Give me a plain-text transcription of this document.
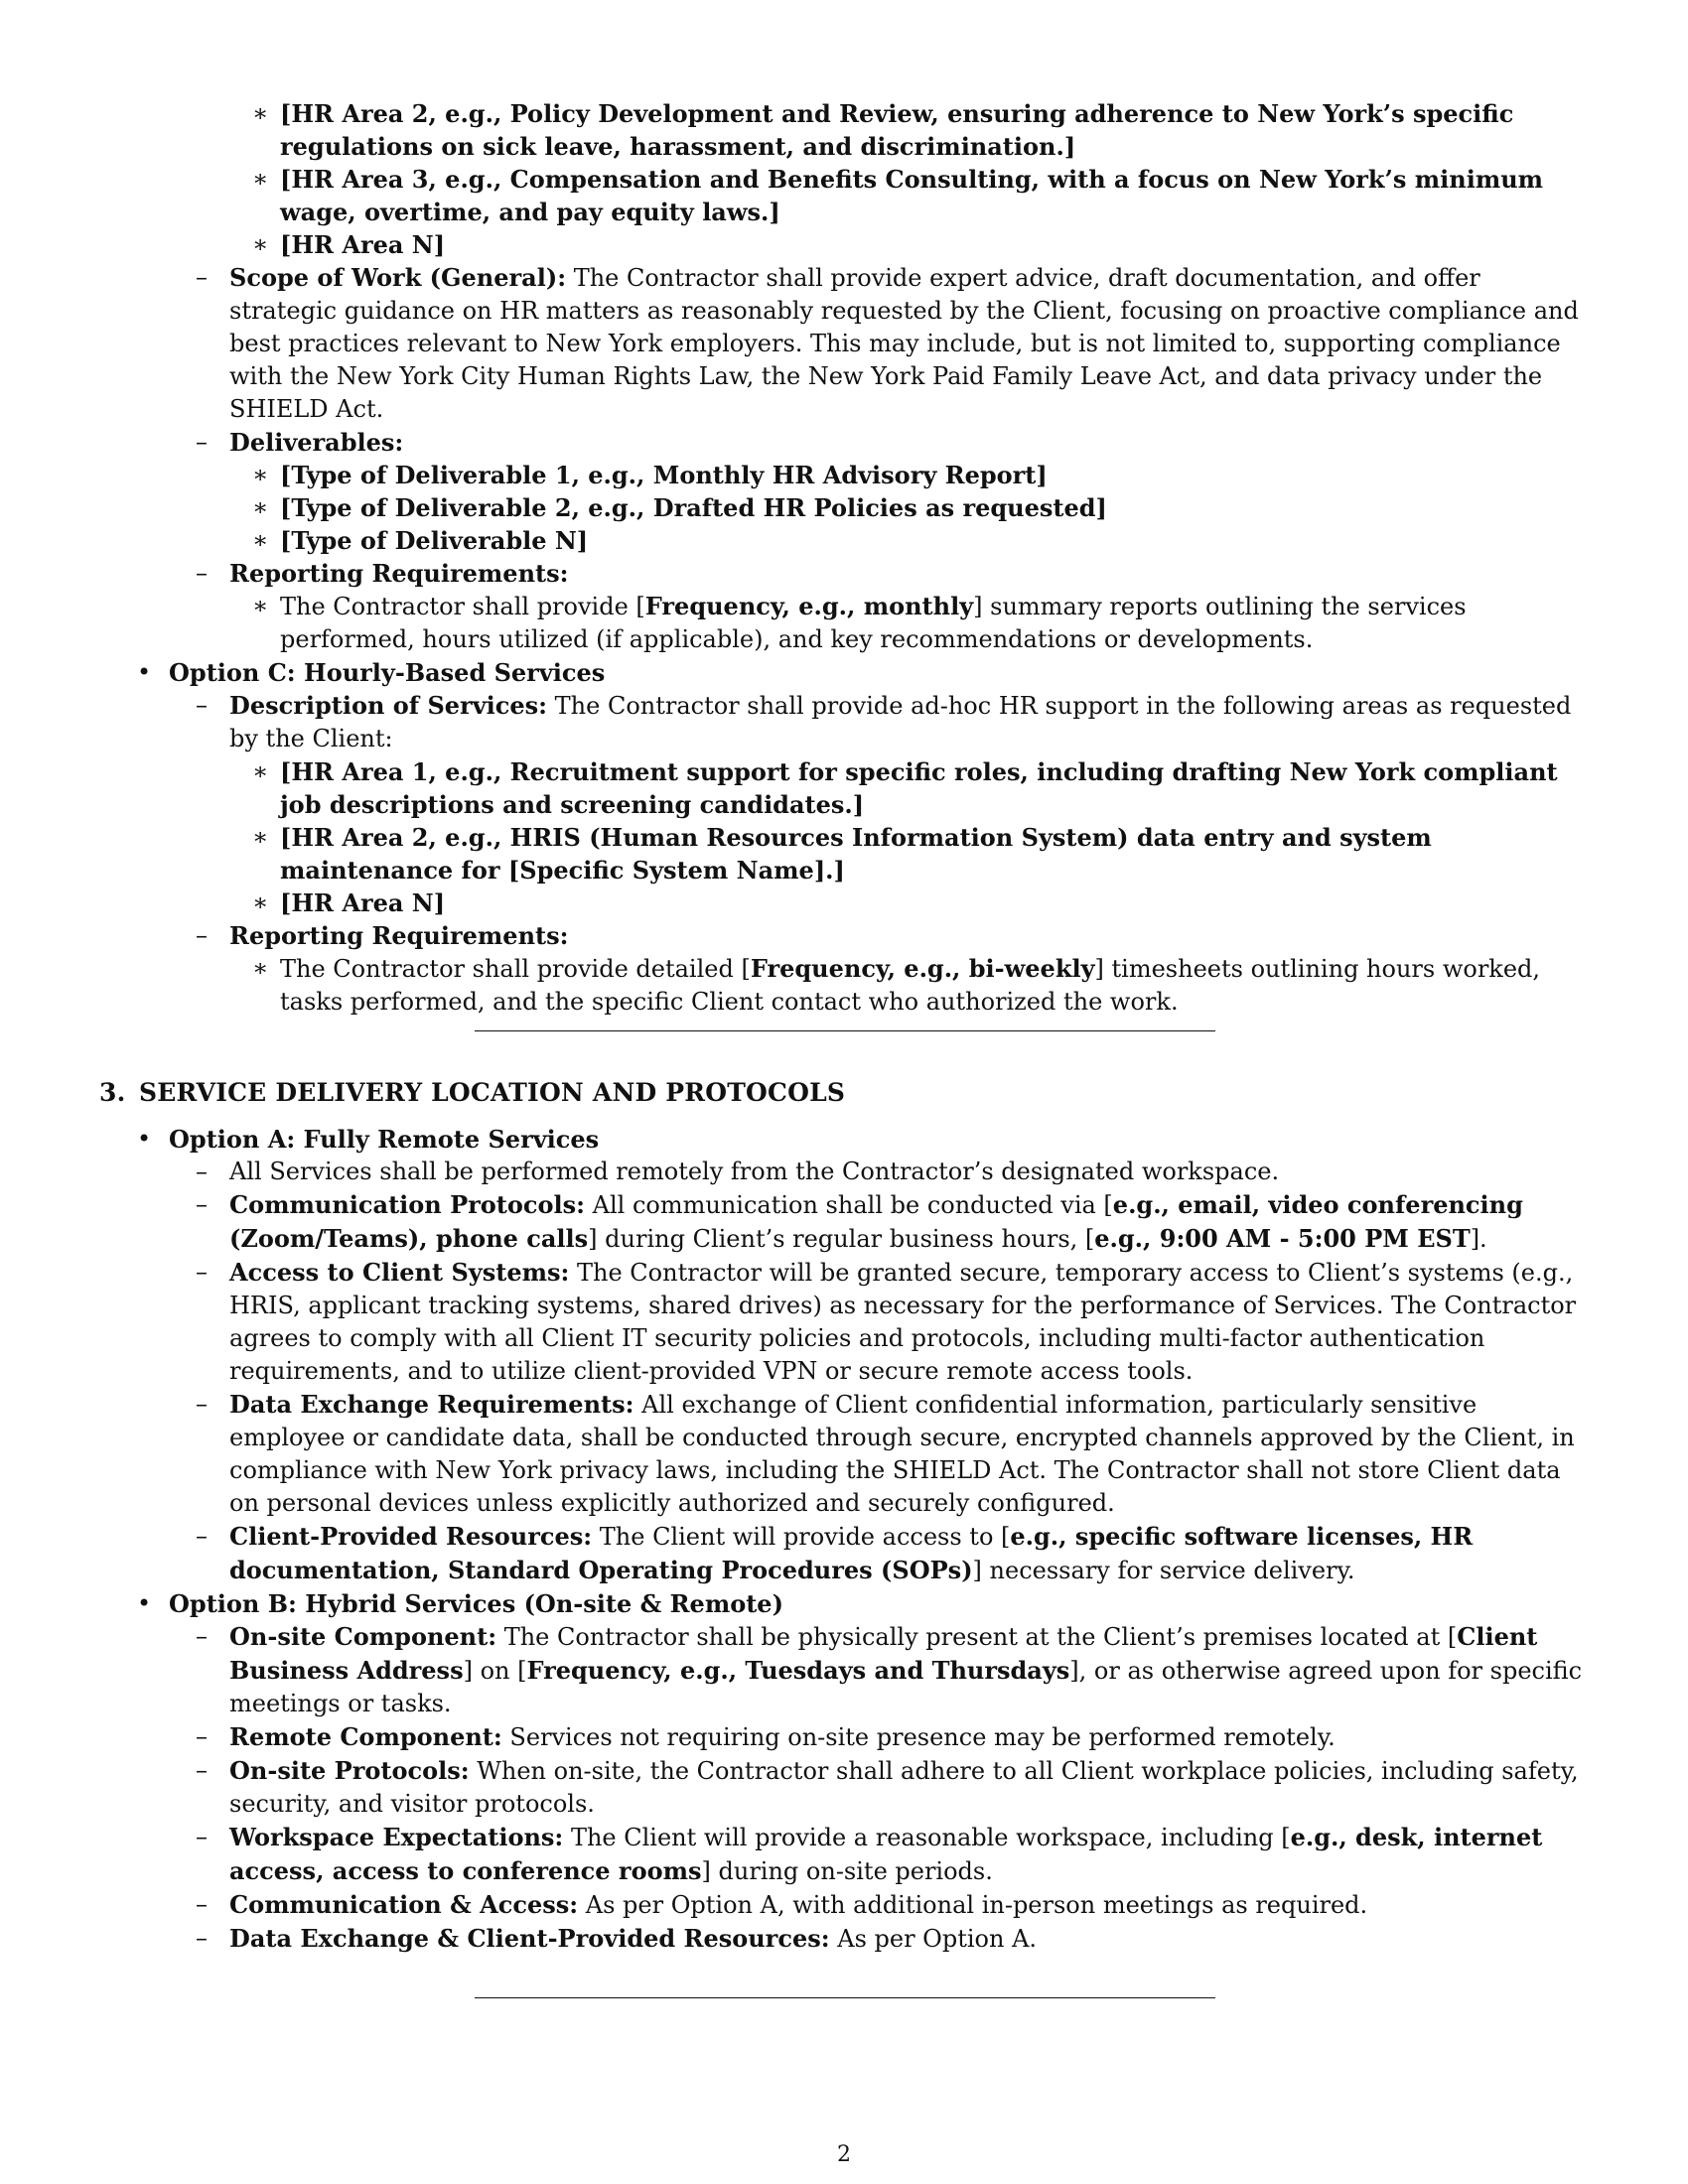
∗ [HR Area 2, e.g., Policy Development and Review, ensuring adherence to New York’s specific regulations on sick leave, harassment, and discrimination.]
∗ [HR Area 3, e.g., Compensation and Benefits Consulting, with a focus on New York’s minimum wage, overtime, and pay equity laws.]
∗ [HR Area N]
– Scope of Work (General): The Contractor shall provide expert advice, draft documentation, and offer strategic guidance on HR matters as reasonably requested by the Client, focusing on proactive compliance and best practices relevant to New York employers. This may include, but is not limited to, supporting compliance with the New York City Human Rights Law, the New York Paid Family Leave Act, and data privacy under the SHIELD Act.
– Deliverables:
∗ [Type of Deliverable 1, e.g., Monthly HR Advisory Report]
∗ [Type of Deliverable 2, e.g., Drafted HR Policies as requested]
∗ [Type of Deliverable N]
– Reporting Requirements:
∗ The Contractor shall provide [Frequency, e.g., monthly] summary reports outlining the services performed, hours utilized (if applicable), and key recommendations or developments.
• Option C: Hourly-Based Services
– Description of Services: The Contractor shall provide ad-hoc HR support in the following areas as requested by the Client:
∗ [HR Area 1, e.g., Recruitment support for specific roles, including drafting New York compliant job descriptions and screening candidates.]
∗ [HR Area 2, e.g., HRIS (Human Resources Information System) data entry and system maintenance for [Specific System Name].]
∗ [HR Area N]
– Reporting Requirements:
∗ The Contractor shall provide detailed [Frequency, e.g., bi-weekly] timesheets outlining hours worked, tasks performed, and the specific Client contact who authorized the work.
3. SERVICE DELIVERY LOCATION AND PROTOCOLS
• Option A: Fully Remote Services
– All Services shall be performed remotely from the Contractor’s designated workspace.
– Communication Protocols: All communication shall be conducted via [e.g., email, video conferencing (Zoom/Teams), phone calls] during Client’s regular business hours, [e.g., 9:00 AM - 5:00 PM EST].
– Access to Client Systems: The Contractor will be granted secure, temporary access to Client’s systems (e.g., HRIS, applicant tracking systems, shared drives) as necessary for the performance of Services. The Contractor agrees to comply with all Client IT security policies and protocols, including multi-factor authentication requirements, and to utilize client-provided VPN or secure remote access tools.
– Data Exchange Requirements: All exchange of Client confidential information, particularly sensitive employee or candidate data, shall be conducted through secure, encrypted channels approved by the Client, in compliance with New York privacy laws, including the SHIELD Act. The Contractor shall not store Client data on personal devices unless explicitly authorized and securely configured.
– Client-Provided Resources: The Client will provide access to [e.g., specific software licenses, HR documentation, Standard Operating Procedures (SOPs)] necessary for service delivery.
• Option B: Hybrid Services (On-site & Remote)
– On-site Component: The Contractor shall be physically present at the Client’s premises located at [Client Business Address] on [Frequency, e.g., Tuesdays and Thursdays], or as otherwise agreed upon for specific meetings or tasks.
– Remote Component: Services not requiring on-site presence may be performed remotely.
– On-site Protocols: When on-site, the Contractor shall adhere to all Client workplace policies, including safety, security, and visitor protocols.
– Workspace Expectations: The Client will provide a reasonable workspace, including [e.g., desk, internet access, access to conference rooms] during on-site periods.
– Communication & Access: As per Option A, with additional in-person meetings as required.
– Data Exchange & Client-Provided Resources: As per Option A.
2
